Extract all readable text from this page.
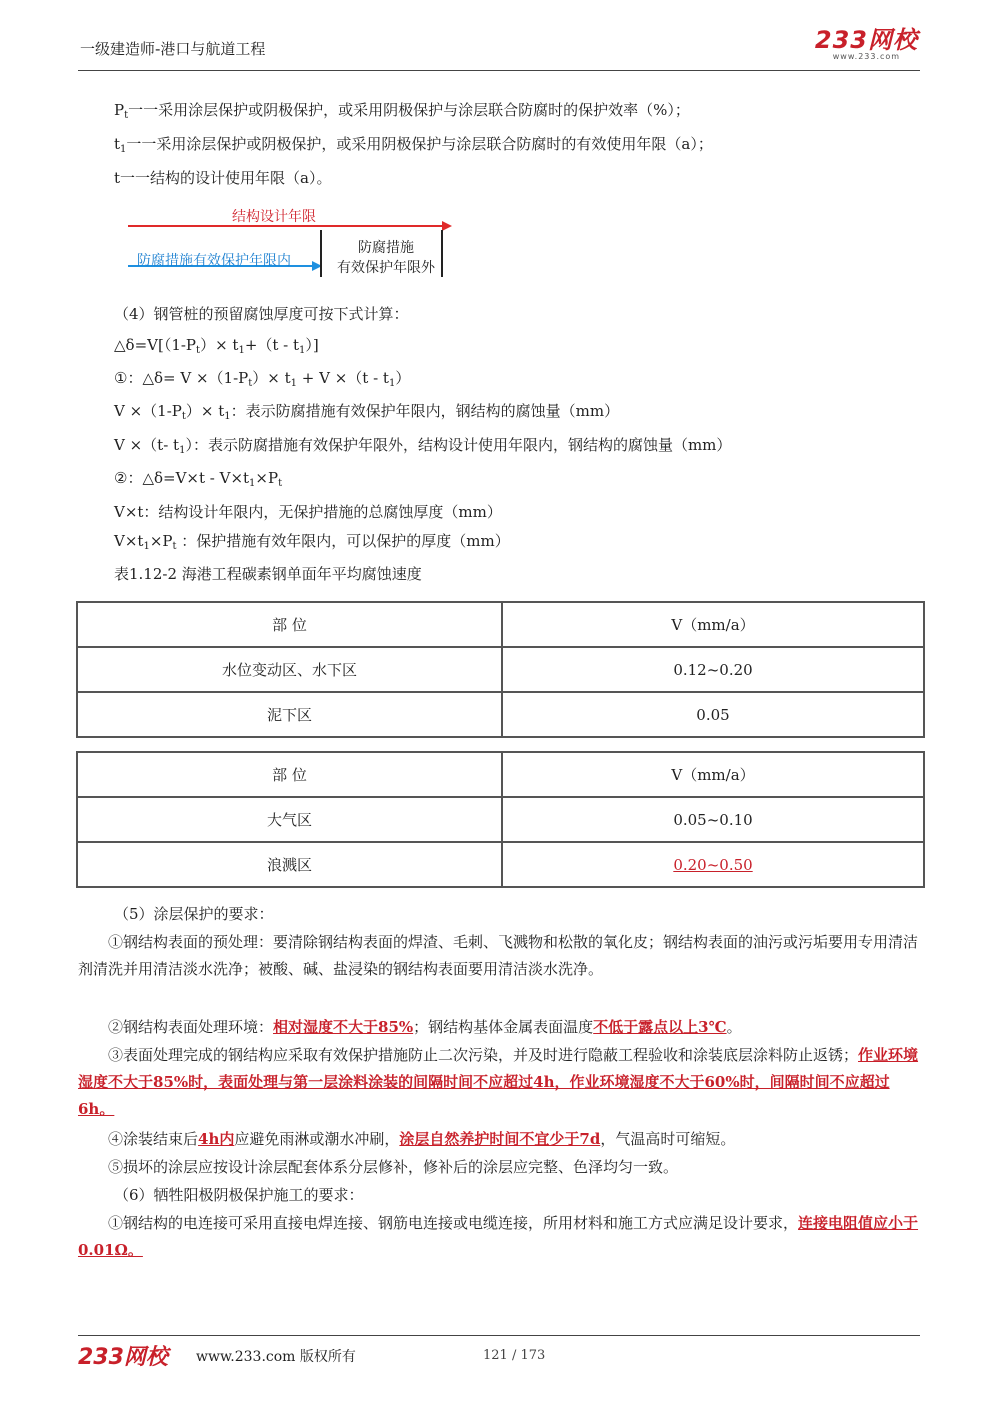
一级建造师-港口与航道工程	233网校
www.233.com
$P_t$一一采用涂层保护或阴极保护，或采用阴极保护与涂层联合防腐时的保护效率（%）；
$t_1$一一采用涂层保护或阴极保护，或采用阴极保护与涂层联合防腐时的有效使用年限（a）；
t一一结构的设计使用年限（a）。
结构设计年限
防腐措施有效保护年限内
防腐措施
有效保护年限外
（4）钢管桩的预留腐蚀厚度可按下式计算：
$\triangle\delta=V[(1-P_t)\times t_1+(t - t_1)]$
①：△δ= $V \times(1-P_t)\times t_1 + V \times(t - t_1)$
$V \times(1-P_t)\times t_1$：表示防腐措施有效保护年限内，钢结构的腐蚀量（mm）
V ×（t- $t_1$）：表示防腐措施有效保护年限外，结构设计使用年限内，钢结构的腐蚀量（mm）
②：△δ=V×t - $V\times t_1\times P_t$
V×t：结构设计年限内，无保护措施的总腐蚀厚度（mm）
$V\times t_1\times P_t$ ：保护措施有效年限内，可以保护的厚度（mm）
表1.12-2 海港工程碳素钢单面年平均腐蚀速度
部 位	V（mm/a）
水位变动区、水下区	0.12~0.20
泥下区	0.05
部 位	V（mm/a）
大气区	0.05~0.10
浪溅区	0.20~0.50
（5）涂层保护的要求：
①钢结构表面的预处理：要清除钢结构表面的焊渣、毛刺、飞溅物和松散的氧化皮；钢结构表面的油污或污垢要用专用清洁剂清洗并用清洁淡水洗净；被酸、碱、盐浸染的钢结构表面要用清洁淡水洗净。
②钢结构表面处理环境：相对湿度不大于85%；钢结构基体金属表面温度不低于露点以上3℃。
③表面处理完成的钢结构应采取有效保护措施防止二次污染，并及时进行隐蔽工程验收和涂装底层涂料防止返锈；作业环境湿度不大于85%时，表面处理与第一层涂料涂装的间隔时间不应超过4h，作业环境湿度不大于60%时，间隔时间不应超过6h。
④涂装结束后4h内应避免雨淋或潮水冲刷，涂层自然养护时间不宜少于7d，气温高时可缩短。
⑤损坏的涂层应按设计涂层配套体系分层修补，修补后的涂层应完整、色泽均匀一致。
（6）牺牲阳极阴极保护施工的要求：
①钢结构的电连接可采用直接电焊连接、钢筋电连接或电缆连接，所用材料和施工方式应满足设计要求，连接电阻值应小于0.01Ω。
233网校 www.233.com 版权所有	121 / 173
